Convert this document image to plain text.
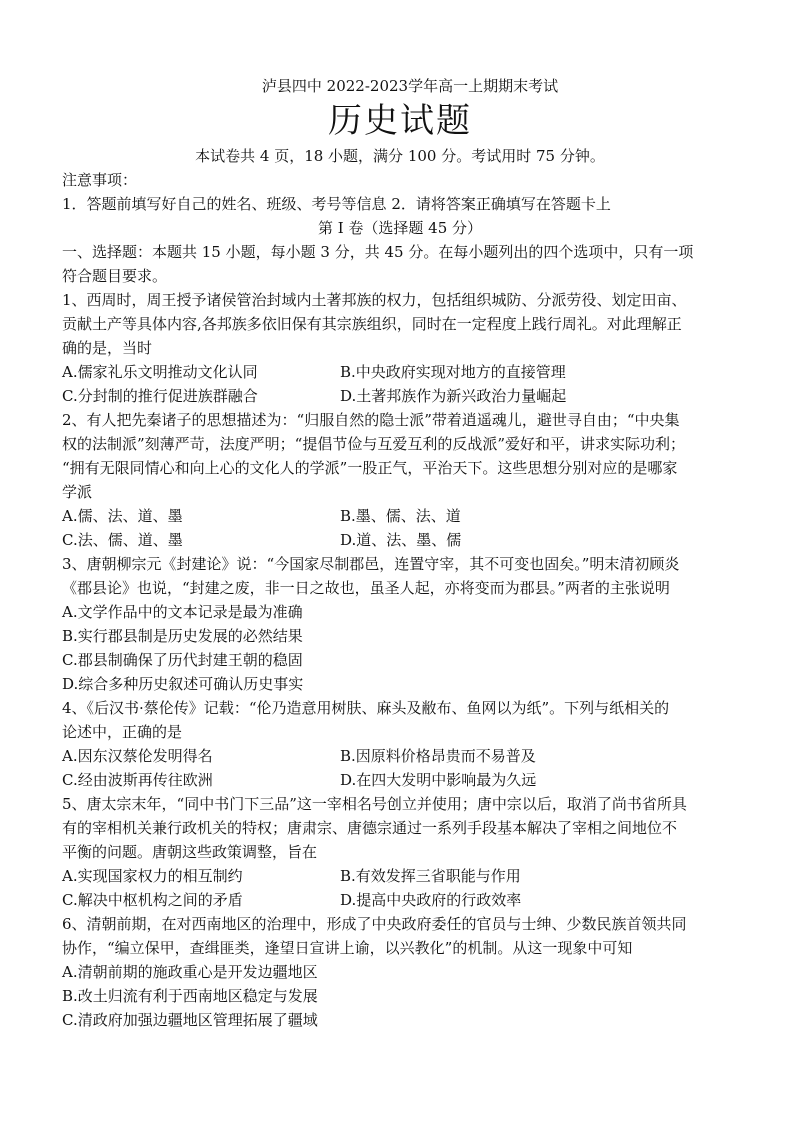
泸县四中 2022-2023学年高一上期期末考试
历史试题
本试卷共 4 页，18 小题，满分 100 分。考试用时 75 分钟。
注意事项：
1．答题前填写好自己的姓名、班级、考号等信息 2．请将答案正确填写在答题卡上
第 I 卷（选择题 45 分）
一、选择题：本题共 15 小题，每小题 3 分，共 45 分。在每小题列出的四个选项中，只有一项
符合题目要求。
1、西周时，周王授予诸侯管治封域内土著邦族的权力，包括组织城防、分派劳役、划定田亩、
贡献土产等具体内容,各邦族多依旧保有其宗族组织，同时在一定程度上践行周礼。对此理解正
确的是，当时
A.儒家礼乐文明推动文化认同	B.中央政府实现对地方的直接管理
C.分封制的推行促进族群融合	D.土著邦族作为新兴政治力量崛起
2、有人把先秦诸子的思想描述为：“归服自然的隐士派”带着逍遥魂儿，避世寻自由；“中央集
权的法制派”刻薄严苛，法度严明；“提倡节俭与互爱互利的反战派”爱好和平，讲求实际功利；
“拥有无限同情心和向上心的文化人的学派”一股正气，平治天下。这些思想分别对应的是哪家
学派
A.儒、法、道、墨	B.墨、儒、法、道
C.法、儒、道、墨	D.道、法、墨、儒
3、唐朝柳宗元《封建论》说：“今国家尽制郡邑，连置守宰，其不可变也固矣。”明末清初顾炎
《郡县论》也说，“封建之废，非一日之故也，虽圣人起，亦将变而为郡县。”两者的主张说明
A.文学作品中的文本记录是最为准确
B.实行郡县制是历史发展的必然结果
C.郡县制确保了历代封建王朝的稳固
D.综合多种历史叙述可确认历史事实
4、《后汉书·蔡伦传》记载：“伦乃造意用树肤、麻头及敝布、鱼网以为纸”。下列与纸相关的
论述中，正确的是
A.因东汉蔡伦发明得名	B.因原料价格昂贵而不易普及
C.经由波斯再传往欧洲	D.在四大发明中影响最为久远
5、唐太宗末年，“同中书门下三品”这一宰相名号创立并使用；唐中宗以后，取消了尚书省所具
有的宰相机关兼行政机关的特权；唐肃宗、唐德宗通过一系列手段基本解决了宰相之间地位不
平衡的问题。唐朝这些政策调整，旨在
A.实现国家权力的相互制约	B.有效发挥三省职能与作用
C.解决中枢机构之间的矛盾	D.提高中央政府的行政效率
6、清朝前期，在对西南地区的治理中，形成了中央政府委任的官员与士绅、少数民族首领共同
协作，“编立保甲，查缉匪类，逢望日宣讲上谕，以兴教化”的机制。从这一现象中可知
A.清朝前期的施政重心是开发边疆地区
B.改土归流有利于西南地区稳定与发展
C.清政府加强边疆地区管理拓展了疆域
